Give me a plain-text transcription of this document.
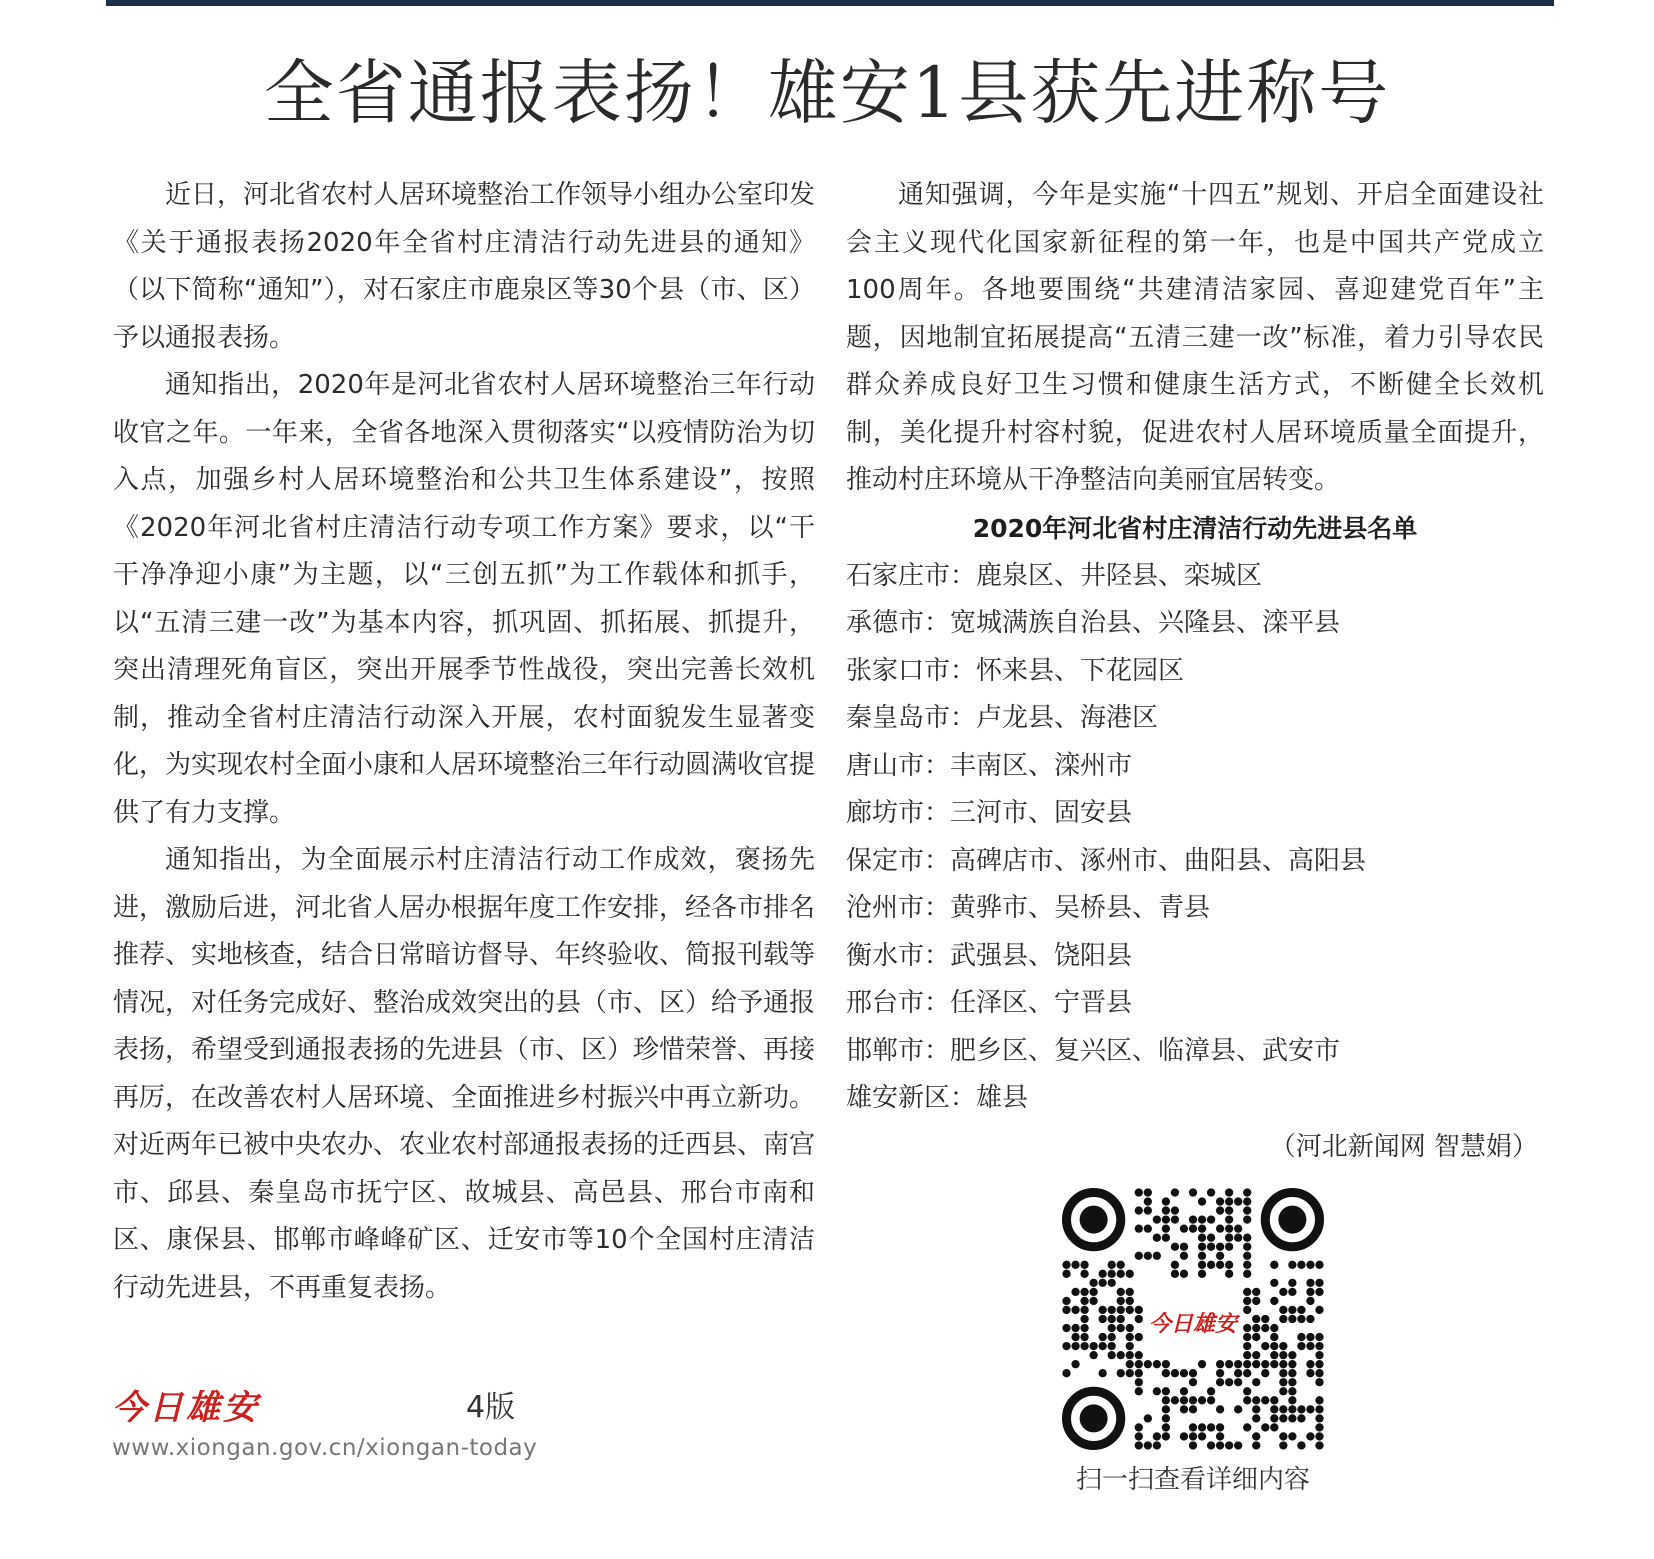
全省通报表扬！雄安1县获先进称号

近日，河北省农村人居环境整治工作领导小组办公室印发《关于通报表扬2020年全省村庄清洁行动先进县的通知》（以下简称“通知”），对石家庄市鹿泉区等30个县（市、区）予以通报表扬。

通知指出，2020年是河北省农村人居环境整治三年行动收官之年。一年来，全省各地深入贯彻落实“以疫情防治为切入点，加强乡村人居环境整治和公共卫生体系建设”，按照《2020年河北省村庄清洁行动专项工作方案》要求，以“干干净净迎小康”为主题，以“三创五抓”为工作载体和抓手，以“五清三建一改”为基本内容，抓巩固、抓拓展、抓提升，突出清理死角盲区，突出开展季节性战役，突出完善长效机制，推动全省村庄清洁行动深入开展，农村面貌发生显著变化，为实现农村全面小康和人居环境整治三年行动圆满收官提供了有力支撑。

通知指出，为全面展示村庄清洁行动工作成效，褒扬先进，激励后进，河北省人居办根据年度工作安排，经各市排名推荐、实地核查，结合日常暗访督导、年终验收、简报刊载等情况，对任务完成好、整治成效突出的县（市、区）给予通报表扬，希望受到通报表扬的先进县（市、区）珍惜荣誉、再接再厉，在改善农村人居环境、全面推进乡村振兴中再立新功。对近两年已被中央农办、农业农村部通报表扬的迁西县、南宫市、邱县、秦皇岛市抚宁区、故城县、高邑县、邢台市南和区、康保县、邯郸市峰峰矿区、迁安市等10个全国村庄清洁行动先进县，不再重复表扬。

通知强调，今年是实施“十四五”规划、开启全面建设社会主义现代化国家新征程的第一年，也是中国共产党成立100周年。各地要围绕“共建清洁家园、喜迎建党百年”主题，因地制宜拓展提高“五清三建一改”标准，着力引导农民群众养成良好卫生习惯和健康生活方式，不断健全长效机制，美化提升村容村貌，促进农村人居环境质量全面提升，推动村庄环境从干净整洁向美丽宜居转变。

2020年河北省村庄清洁行动先进县名单

石家庄市：鹿泉区、井陉县、栾城区

承德市：宽城满族自治县、兴隆县、滦平县

张家口市：怀来县、下花园区

秦皇岛市：卢龙县、海港区

唐山市：丰南区、滦州市

廊坊市：三河市、固安县

保定市：高碑店市、涿州市、曲阳县、高阳县

沧州市：黄骅市、吴桥县、青县

衡水市：武强县、饶阳县

邢台市：任泽区、宁晋县

邯郸市：肥乡区、复兴区、临漳县、武安市

雄安新区：雄县

（河北新闻网 智慧娟）

今日雄安
扫一扫查看详细内容
今日雄安	4版
www.xiongan.gov.cn/xiongan-today
